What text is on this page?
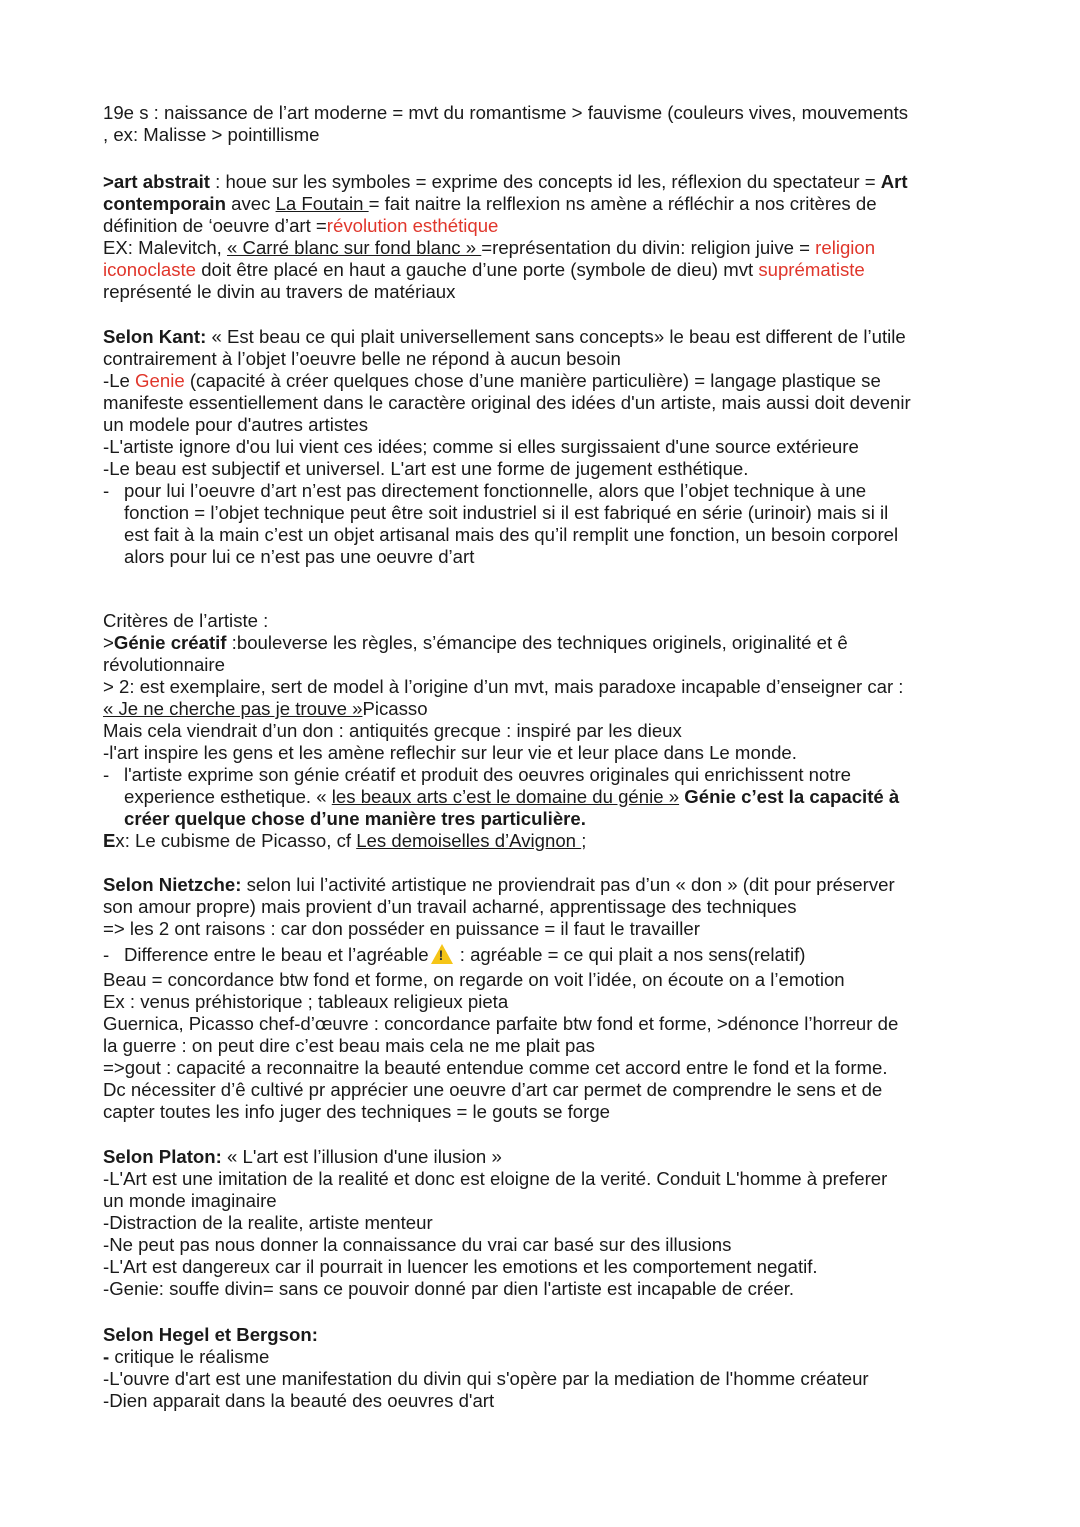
19e s : naissance de l’art moderne = mvt du romantisme > fauvisme (couleurs vives, mouvements
, ex: Malisse > pointillisme
>art abstrait : houe sur les symboles = exprime des concepts id les, réflexion du spectateur = Art
contemporain avec La Foutain = fait naitre la relflexion ns amène a réfléchir a nos critères de
définition de ‘oeuvre d’art =révolution esthétique
EX: Malevitch, « Carré blanc sur fond blanc » =représentation du divin: religion juive = religion
iconoclaste doit être placé en haut a gauche d’une porte (symbole de dieu) mvt suprématiste
représenté le divin au travers de matériaux
Selon Kant: « Est beau ce qui plait universellement sans concepts» le beau est different de l’utile
contrairement à l’objet l’oeuvre belle ne répond à aucun besoin
-Le Genie (capacité à créer quelques chose d’une manière particulière) = langage plastique se
manifeste essentiellement dans le caractère original des idées d'un artiste, mais aussi doit devenir
un modele pour d'autres artistes
-L'artiste ignore d'ou lui vient ces idées; comme si elles surgissaient d'une source extérieure
-Le beau est subjectif et universel. L'art est une forme de jugement esthétique.
- pour lui l’oeuvre d’art n’est pas directement fonctionnelle, alors que l’objet technique à une
fonction = l’objet technique peut être soit industriel si il est fabriqué en série (urinoir) mais si il
est fait à la main c’est un objet artisanal mais des qu’il remplit une fonction, un besoin corporel
alors pour lui ce n’est pas une oeuvre d’art
Critères de l’artiste :
>Génie créatif :bouleverse les règles, s’émancipe des techniques originels, originalité et ê
révolutionnaire
> 2: est exemplaire, sert de model à l’origine d’un mvt, mais paradoxe incapable d’enseigner car :
« Je ne cherche pas je trouve »Picasso
Mais cela viendrait d’un don : antiquités grecque : inspiré par les dieux
-l'art inspire les gens et les amène reflechir sur leur vie et leur place dans Le monde.
- l'artiste exprime son génie créatif et produit des oeuvres originales qui enrichissent notre
experience esthetique. « les beaux arts c’est le domaine du génie » Génie c’est la capacité à
créer quelque chose d’une manière tres particulière.
Ex: Le cubisme de Picasso, cf Les demoiselles d’Avignon ;
Selon Nietzche: selon lui l’activité artistique ne proviendrait pas d’un « don » (dit pour préserver
son amour propre) mais provient d’un travail acharné, apprentissage des techniques
=> les 2 ont raisons : car don posséder en puissance = il faut le travailler
- Difference entre le beau et l’agréable! : agréable = ce qui plait a nos sens(relatif)
Beau = concordance btw fond et forme, on regarde on voit l’idée, on écoute on a l’emotion
Ex : venus préhistorique ; tableaux religieux pieta
Guernica, Picasso chef-d’œuvre : concordance parfaite btw fond et forme, >dénonce l’horreur de
la guerre : on peut dire c’est beau mais cela ne me plait pas
=>gout : capacité a reconnaitre la beauté entendue comme cet accord entre le fond et la forme.
Dc nécessiter d’ê cultivé pr apprécier une oeuvre d’art car permet de comprendre le sens et de
capter toutes les info juger des techniques = le gouts se forge
Selon Platon: « L'art est l’illusion d'une ilusion »
-L'Art est une imitation de la realité et donc est eloigne de la verité. Conduit L'homme à preferer
un monde imaginaire
-Distraction de la realite, artiste menteur
-Ne peut pas nous donner la connaissance du vrai car basé sur des illusions
-L'Art est dangereux car il pourrait in luencer les emotions et les comportement negatif.
-Genie: souffe divin= sans ce pouvoir donné par dien l'artiste est incapable de créer.
Selon Hegel et Bergson:
- critique le réalisme
-L'ouvre d'art est une manifestation du divin qui s'opère par la mediation de l'homme créateur
-Dien apparait dans la beauté des oeuvres d'art
